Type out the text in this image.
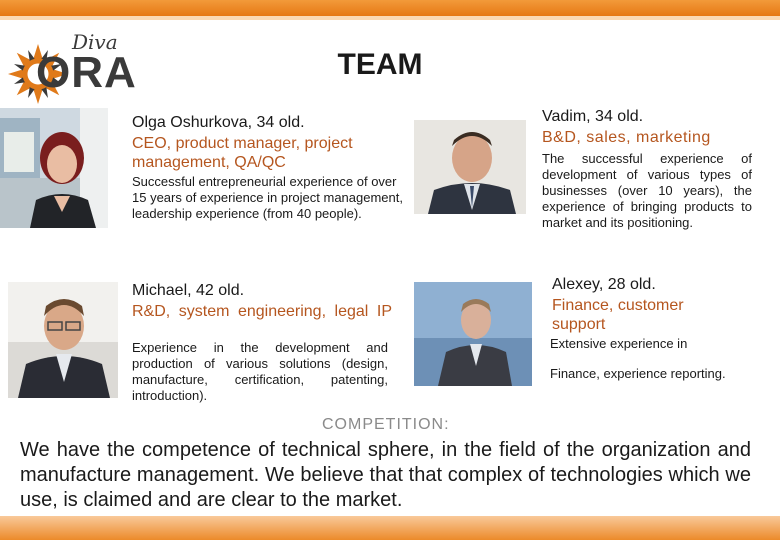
Diva
ORA	TEAM
Olga Oshurkova, 34 old.
CEO, product manager, project management, QA/QC
Successful entrepreneurial experience of over 15 years of experience in project management, leadership experience (from 40 people).
Vadim, 34 old.
B&D, sales, marketing
The successful experience of development of various types of businesses (over 10 years), the experience of bringing products to market and its positioning.
Michael, 42 old.
R&D, system engineering, legal IP
Experience in the development and production of various solutions (design, manufacture, certification, patenting, introduction).
Alexey, 28 old.
Finance, customer support
Extensive experience in
Finance, experience reporting.
COMPETITION:
We have the competence of technical sphere, in the field of the organization and manufacture management. We believe that that complex of technologies which we use, is claimed and are clear to the market.
